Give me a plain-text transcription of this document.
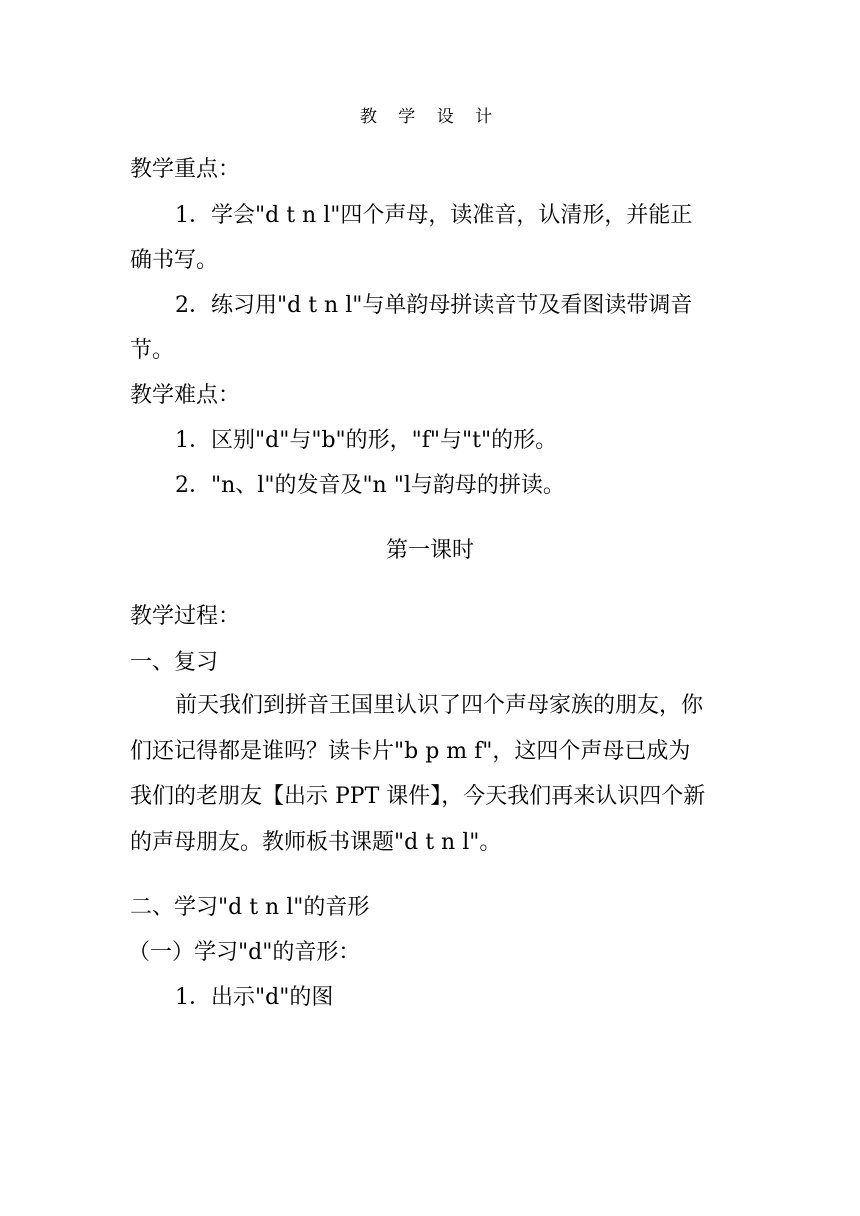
教 学 设 计
教学重点：
1．学会"d t n l"四个声母，读准音，认清形，并能正
确书写。
2．练习用"d t n l"与单韵母拼读音节及看图读带调音
节。
教学难点：
1．区别"d"与"b"的形，"f"与"t"的形。
2．"n、l"的发音及"n "l与韵母的拼读。
第一课时
教学过程：
一、复习
前天我们到拼音王国里认识了四个声母家族的朋友，你
们还记得都是谁吗？读卡片"b p m f"，这四个声母已成为
我们的老朋友【出示 PPT 课件】，今天我们再来认识四个新
的声母朋友。教师板书课题"d t n l"。
二、学习"d t n l"的音形
（一）学习"d"的音形：
1．出示"d"的图
